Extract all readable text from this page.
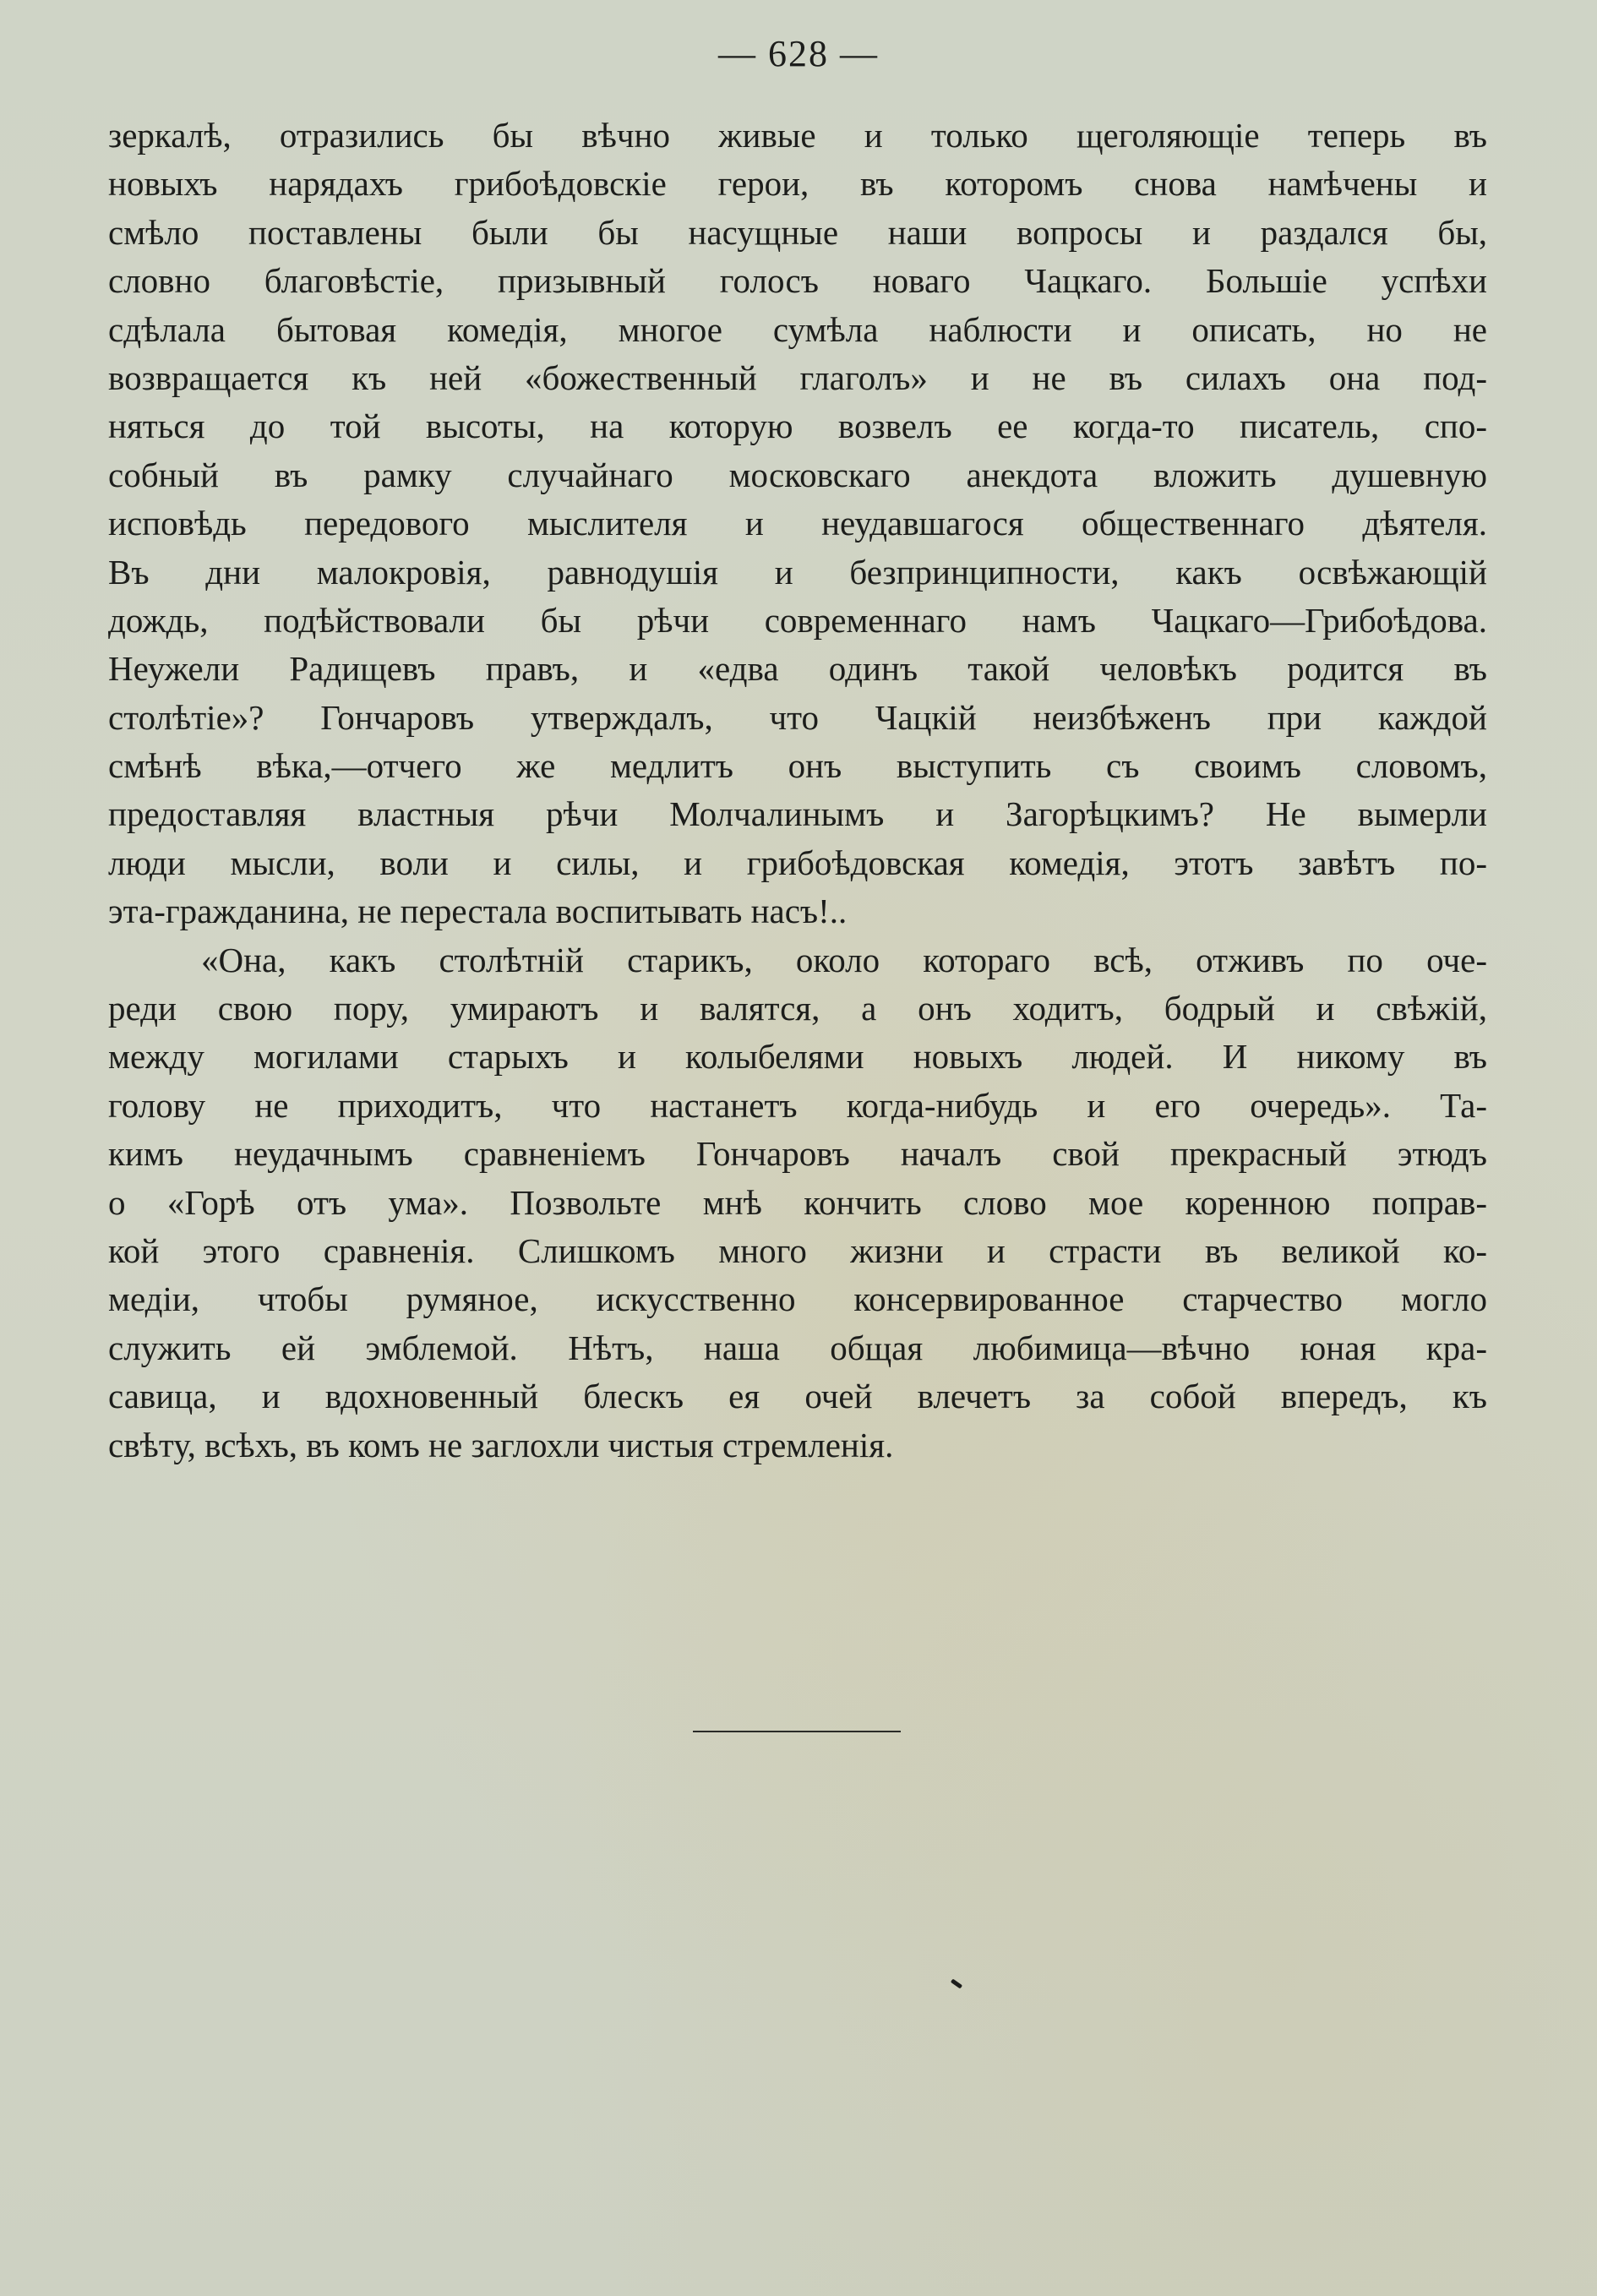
— 628 —
зеркалѣ, отразились бы вѣчно живые и только щеголяющіе теперь въ
новыхъ нарядахъ грибоѣдовскіе герои, въ которомъ снова намѣчены и
смѣло поставлены были бы насущные наши вопросы и раздался бы,
словно благовѣстіе, призывный голосъ новаго Чацкаго. Большіе успѣхи
сдѣлала бытовая комедія, многое сумѣла наблюсти и описать, но не
возвращается къ ней «божественный глаголъ» и не въ силахъ она под-
няться до той высоты, на которую возвелъ ее когда-то писатель, спо-
собный въ рамку случайнаго московскаго анекдота вложить душевную
исповѣдь передового мыслителя и неудавшагося общественнаго дѣятеля.
Въ дни малокровія, равнодушія и безпринципности, какъ освѣжающій
дождь, подѣйствовали бы рѣчи современнаго намъ Чацкаго—Грибоѣдова.
Неужели Радищевъ правъ, и «едва одинъ такой человѣкъ родится въ
столѣтіе»? Гончаровъ утверждалъ, что Чацкій неизбѣженъ при каждой
смѣнѣ вѣка,—отчего же медлитъ онъ выступить съ своимъ словомъ,
предоставляя властныя рѣчи Молчалинымъ и Загорѣцкимъ? Не вымерли
люди мысли, воли и силы, и грибоѣдовская комедія, этотъ завѣтъ по-
эта-гражданина, не перестала воспитывать насъ!..
«Она, какъ столѣтній старикъ, около котораго всѣ, отживъ по оче-
реди свою пору, умираютъ и валятся, а онъ ходитъ, бодрый и свѣжій,
между могилами старыхъ и колыбелями новыхъ людей. И никому въ
голову не приходитъ, что настанетъ когда-нибудь и его очередь». Та-
кимъ неудачнымъ сравненіемъ Гончаровъ началъ свой прекрасный этюдъ
о «Горѣ отъ ума». Позвольте мнѣ кончить слово мое коренною поправ-
кой этого сравненія. Слишкомъ много жизни и страсти въ великой ко-
медіи, чтобы румяное, искусственно консервированное старчество могло
служить ей эмблемой. Нѣтъ, наша общая любимица—вѣчно юная кра-
савица, и вдохновенный блескъ ея очей влечетъ за собой впередъ, къ
свѣту, всѣхъ, въ комъ не заглохли чистыя стремленія.
